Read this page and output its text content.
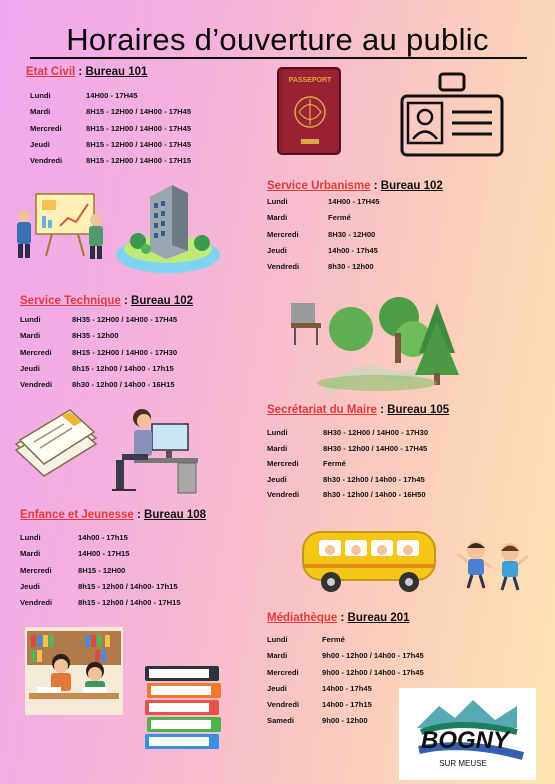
Horaires d’ouverture au public
Etat Civil : Bureau 101
Lundi	14H00 - 17H45
Mardi	8H15 - 12H00 / 14H00 - 17H45
Mercredi	8H15 - 12H00 / 14H00 - 17H45
Jeudi	8H15 - 12H00 / 14H00 - 17H45
Vendredi	8H15 - 12H00 / 14H00 - 17H15
Service Urbanisme : Bureau 102
Lundi	14H00 - 17H45
Mardi	Fermé
Mercredi	8H30 - 12H00
Jeudi	14h00 - 17h45
Vendredi	8h30 - 12h00
Service Technique : Bureau 102
Lundi	8H35 - 12H00 / 14H00 - 17H45
Mardi	8H35 - 12h00
Mercredi	8H15 - 12H00 / 14H00 - 17H30
Jeudi	8h15 - 12h00 / 14h00 - 17h15
Vendredi	8h30 - 12h00 / 14h00 - 16H15
Secrétariat du Maire : Bureau 105
Lundi	8H30 - 12H00 / 14H00 - 17H30
Mardi	8H30 - 12h00 / 14H00 - 17H45
Mercredi	Fermé
Jeudi	8h30 - 12h00 / 14h00 - 17h45
Vendredi	8h30 - 12h00 / 14h00 - 16H50
Enfance et Jeunesse : Bureau 108
Lundi	14h00 - 17h15
Mardi	14H00 - 17H15
Mercredi	8H15 - 12H00
Jeudi	8h15 - 12h00 / 14h00- 17h15
Vendredi	8h15 - 12h00 / 14h00 - 17H15
Médiathèque : Bureau 201
Lundi	Fermé
Mardi	9h00 - 12h00 / 14h00 - 17h45
Mercredi	9h00 - 12h00 / 14h00 - 17h45
Jeudi	14h00 - 17h45
Vendredi	14h00 - 17h15
Samedi	9h00 - 12h00
PASSEPORT
BOGNY
SUR MEUSE
